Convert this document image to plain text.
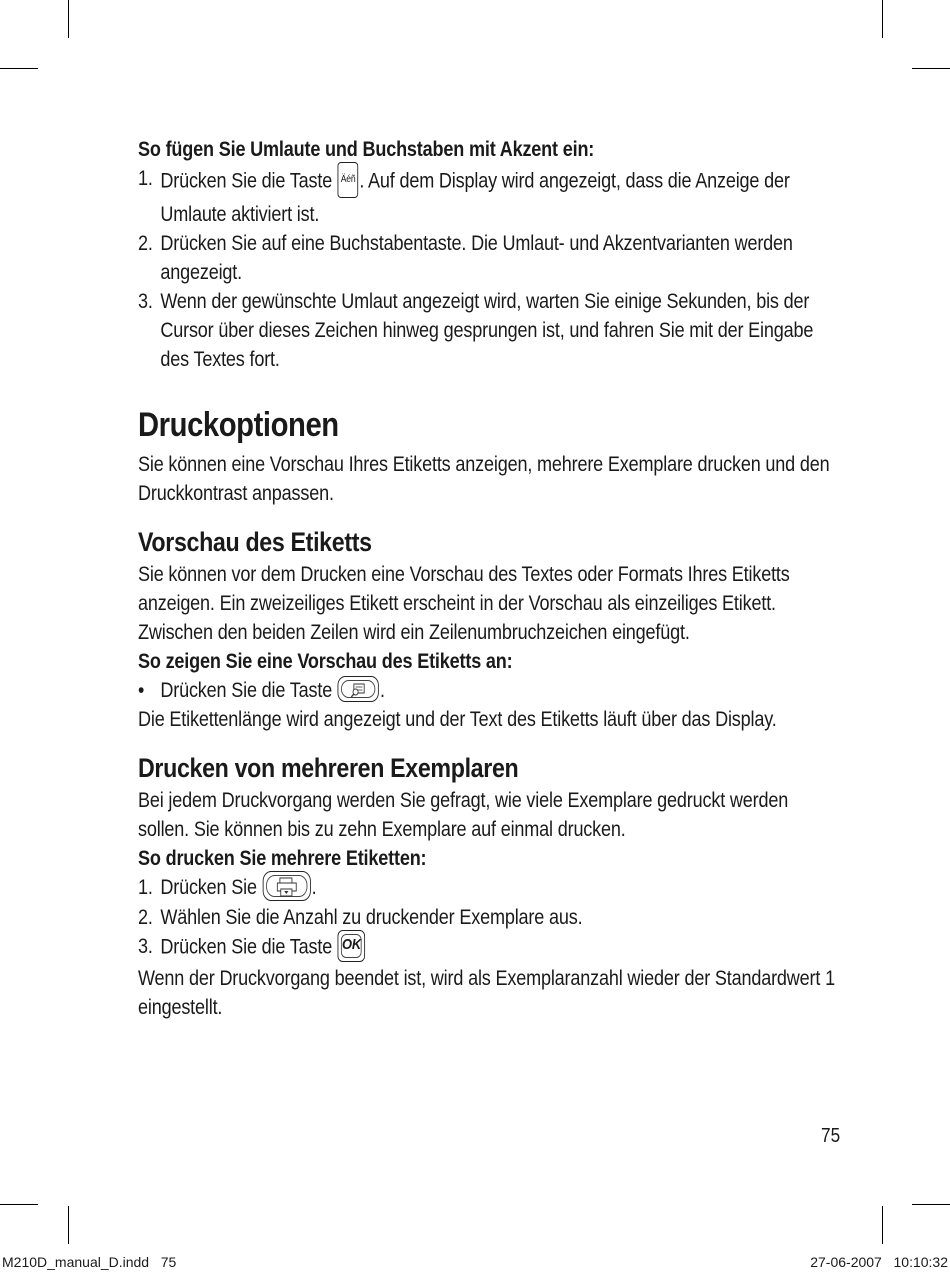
So fügen Sie Umlaute und Buchstaben mit Akzent ein:

1. Drücken Sie die Taste Äéñ . Auf dem Display wird angezeigt, dass die Anzeige der Umlaute aktiviert ist.
2. Drücken Sie auf eine Buchstabentaste. Die Umlaut- und Akzentvarianten werden angezeigt.
3. Wenn der gewünschte Umlaut angezeigt wird, warten Sie einige Sekunden, bis der Cursor über dieses Zeichen hinweg gesprungen ist, und fahren Sie mit der Eingabe des Textes fort.
Druckoptionen

Sie können eine Vorschau Ihres Etiketts anzeigen, mehrere Exemplare drucken und den Druckkontrast anpassen.

Vorschau des Etiketts

Sie können vor dem Drucken eine Vorschau des Textes oder Formats Ihres Etiketts anzeigen. Ein zweizeiliges Etikett erscheint in der Vorschau als einzeiliges Etikett. Zwischen den beiden Zeilen wird ein Zeilenumbruchzeichen eingefügt.

So zeigen Sie eine Vorschau des Etiketts an:

• Drücken Sie die Taste .

Die Etikettenlänge wird angezeigt und der Text des Etiketts läuft über das Display.

Drucken von mehreren Exemplaren

Bei jedem Druckvorgang werden Sie gefragt, wie viele Exemplare gedruckt werden sollen. Sie können bis zu zehn Exemplare auf einmal drucken.

So drucken Sie mehrere Etiketten:

1. Drücken Sie	.
2. Wählen Sie die Anzahl zu druckender Exemplare aus.
3. Drücken Sie die Taste OK

Wenn der Druckvorgang beendet ist, wird als Exemplaranzahl wieder der Standardwert 1 eingestellt.

75
M210D_manual_D.indd   75	27-06-2007   10:10:32
